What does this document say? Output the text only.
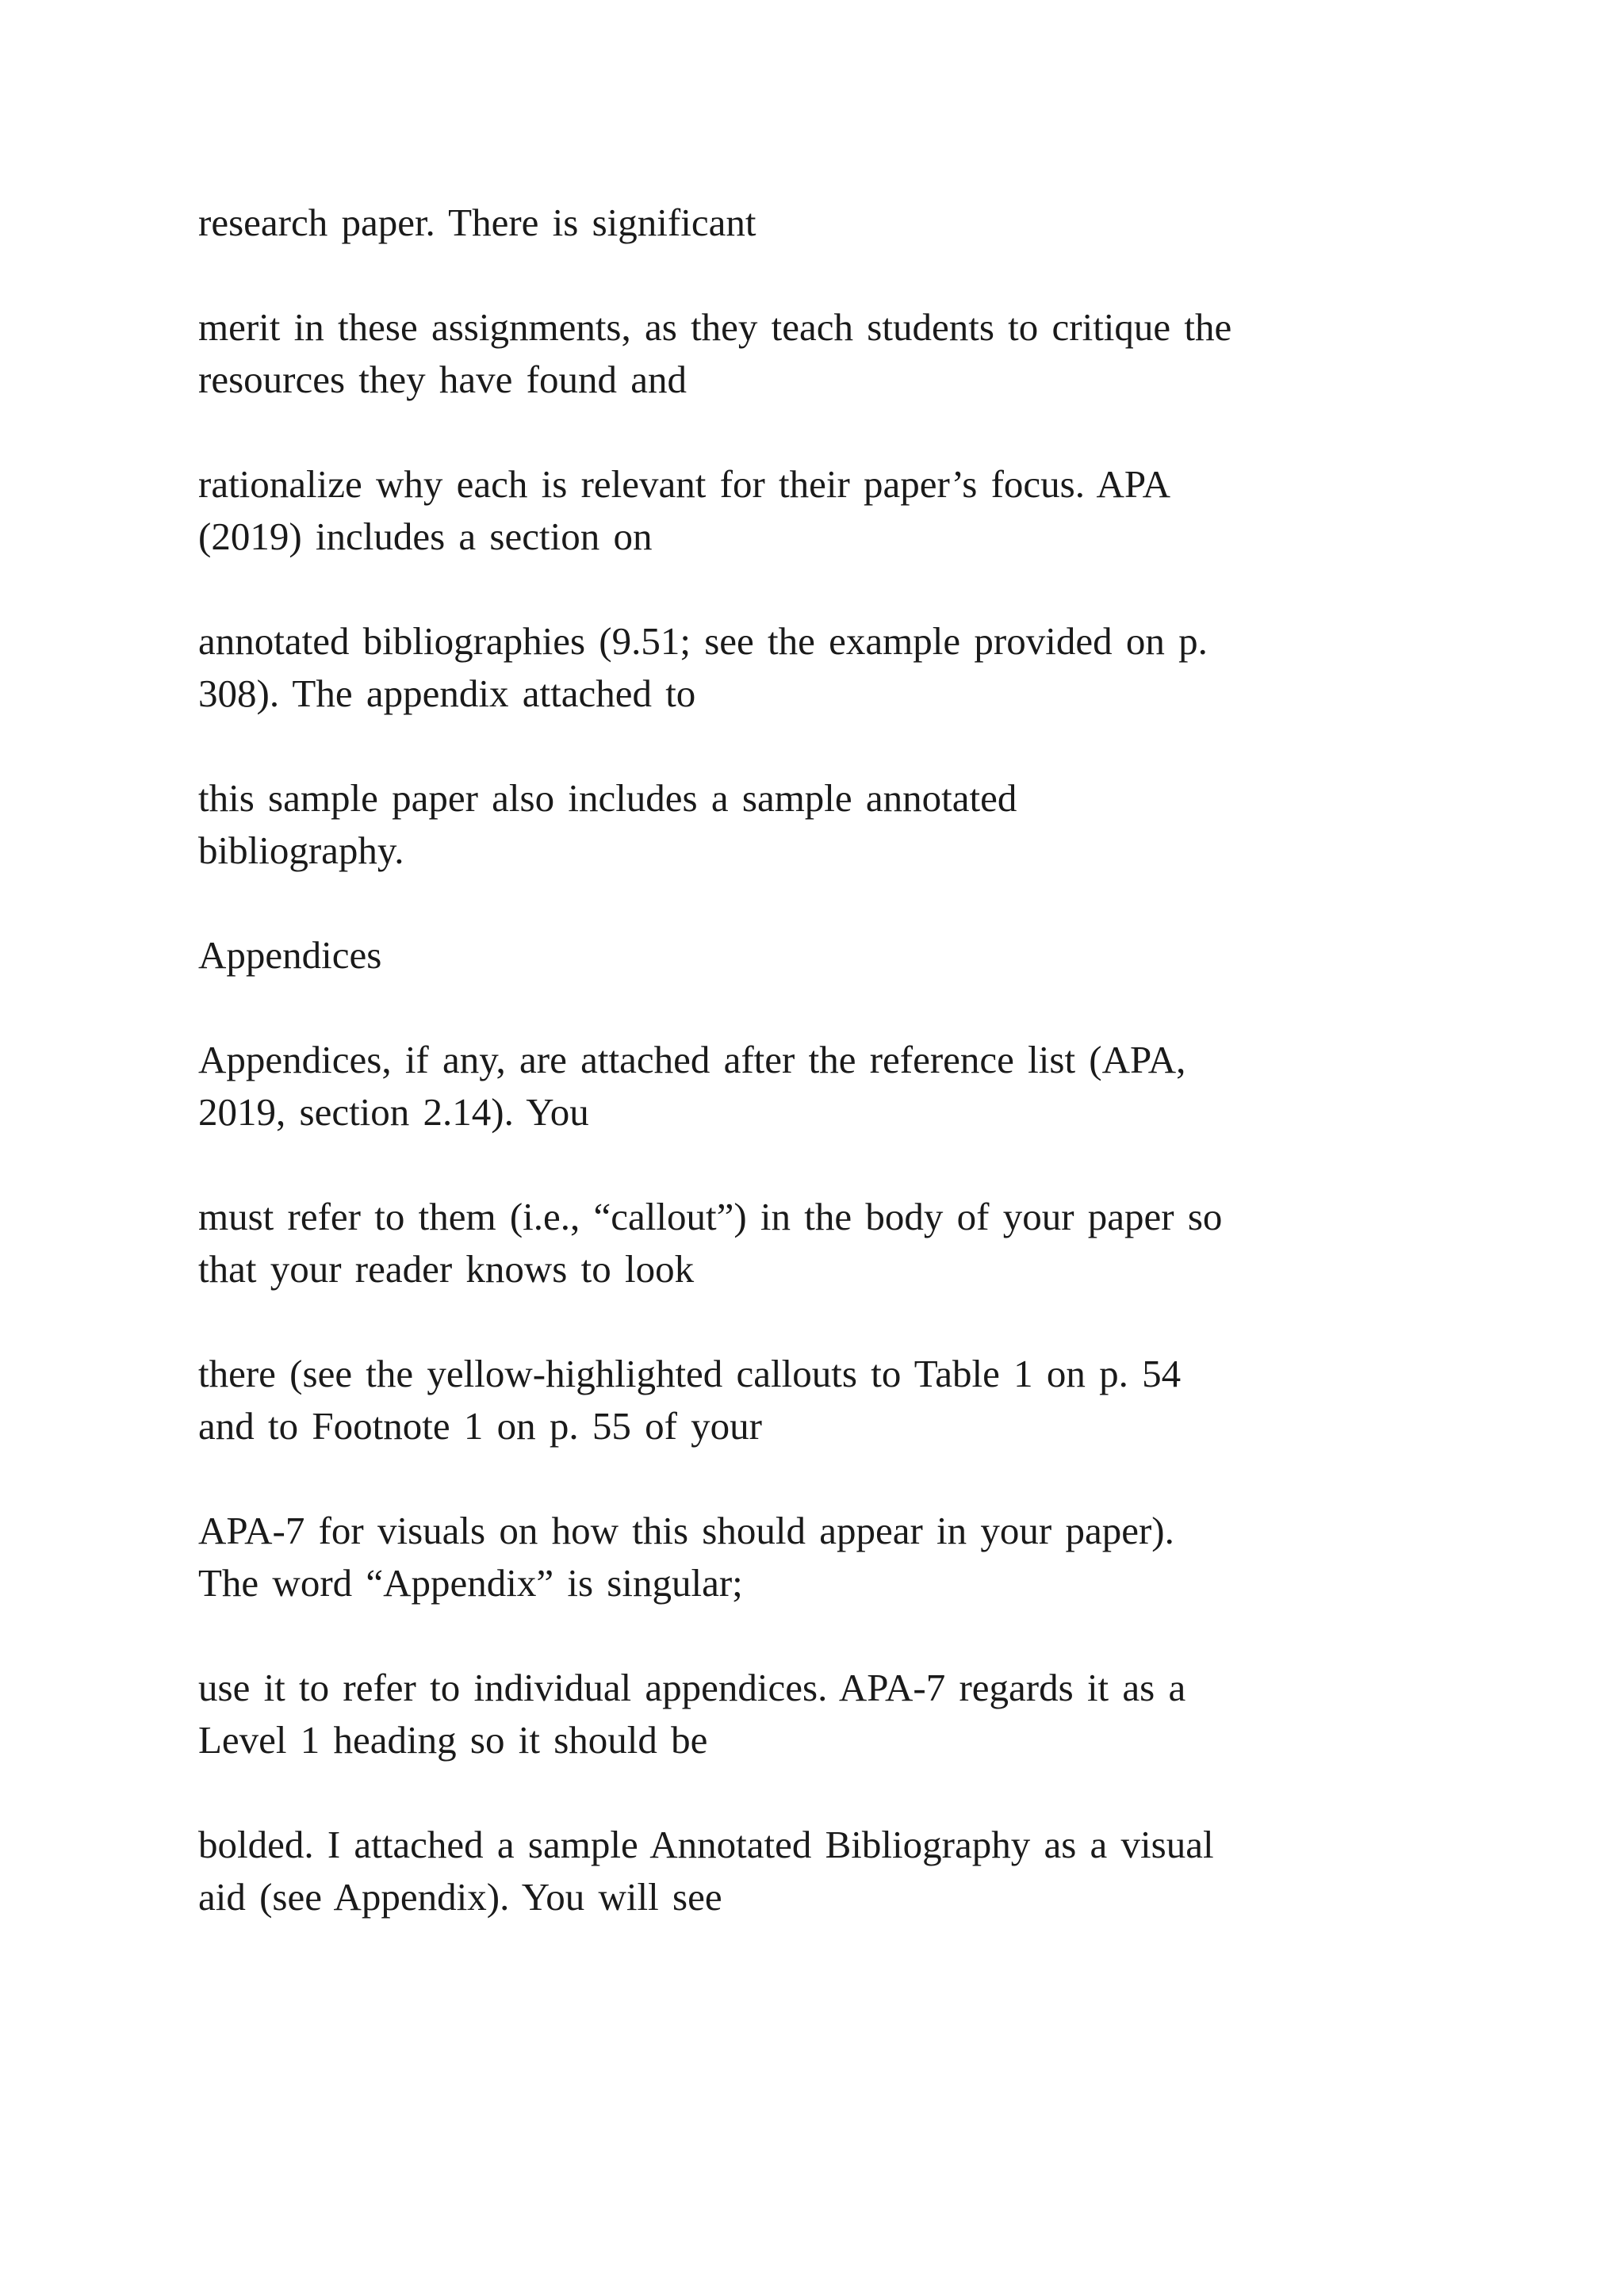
research paper. There is significant

merit in these assignments, as they teach students to critique the
resources they have found and

rationalize why each is relevant for their paper’s focus. APA
(2019) includes a section on

annotated bibliographies (9.51; see the example provided on p.
308). The appendix attached to

this sample paper also includes a sample annotated
bibliography.

Appendices

Appendices, if any, are attached after the reference list (APA,
2019, section 2.14). You

must refer to them (i.e., “callout”) in the body of your paper so
that your reader knows to look

there (see the yellow-highlighted callouts to Table 1 on p. 54
and to Footnote 1 on p. 55 of your

APA-7 for visuals on how this should appear in your paper).
The word “Appendix” is singular;

use it to refer to individual appendices. APA-7 regards it as a
Level 1 heading so it should be

bolded. I attached a sample Annotated Bibliography as a visual
aid (see Appendix). You will see
